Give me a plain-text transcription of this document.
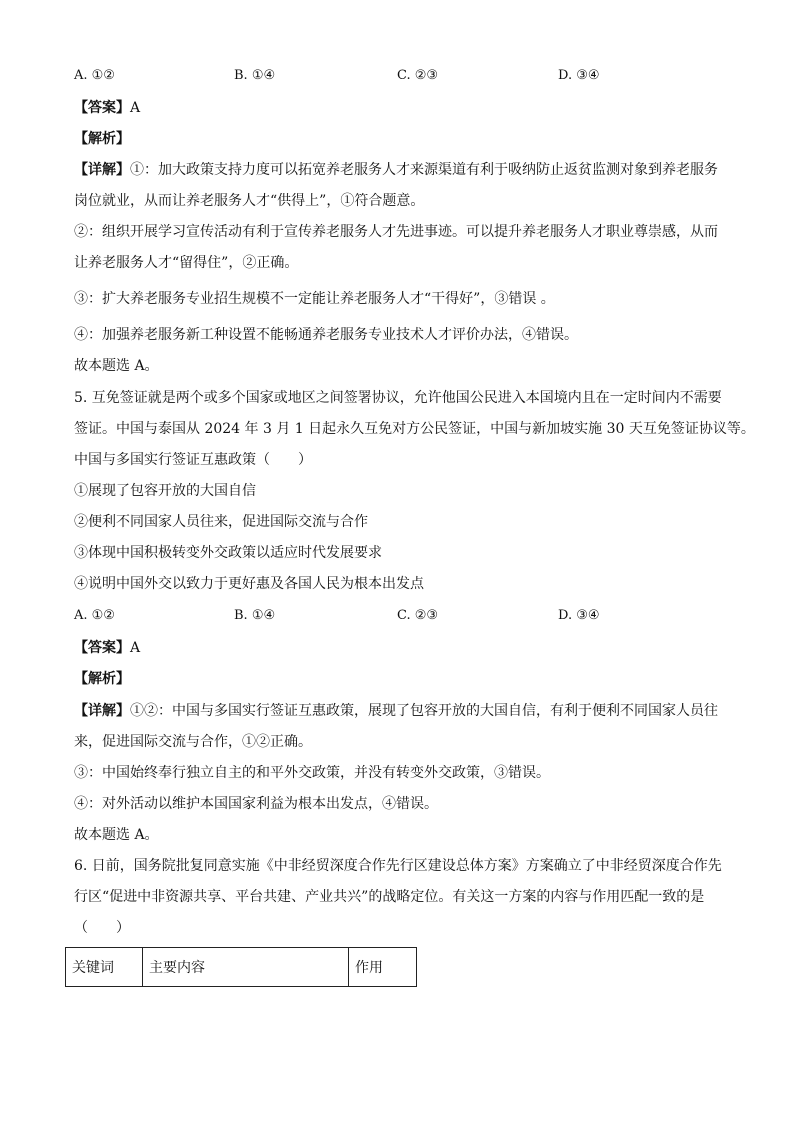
A. ①②	B. ①④	C. ②③	D. ③④
【答案】A
【解析】
【详解】①：加大政策支持力度可以拓宽养老服务人才来源渠道有利于吸纳防止返贫监测对象到养老服务
岗位就业，从而让养老服务人才“供得上”，①符合题意。
②：组织开展学习宣传活动有利于宣传养老服务人才先进事迹。可以提升养老服务人才职业尊崇感，从而
让养老服务人才“留得住”，②正确。
③：扩大养老服务专业招生规模不一定能让养老服务人才“干得好”，③错误 。
④：加强养老服务新工种设置不能畅通养老服务专业技术人才评价办法，④错误。
故本题选 A。
5. 互免签证就是两个或多个国家或地区之间签署协议，允许他国公民进入本国境内且在一定时间内不需要
签证。中国与泰国从 2024 年 3 月 1 日起永久互免对方公民签证，中国与新加坡实施 30 天互免签证协议等。
中国与多国实行签证互惠政策（　　）
①展现了包容开放的大国自信
②便利不同国家人员往来，促进国际交流与合作
③体现中国积极转变外交政策以适应时代发展要求
④说明中国外交以致力于更好惠及各国人民为根本出发点
A. ①②	B. ①④	C. ②③	D. ③④
【答案】A
【解析】
【详解】①②：中国与多国实行签证互惠政策，展现了包容开放的大国自信，有利于便利不同国家人员往
来，促进国际交流与合作，①②正确。
③：中国始终奉行独立自主的和平外交政策，并没有转变外交政策，③错误。
④：对外活动以维护本国国家利益为根本出发点，④错误。
故本题选 A。
6. 日前，国务院批复同意实施《中非经贸深度合作先行区建设总体方案》方案确立了中非经贸深度合作先
行区“促进中非资源共享、平台共建、产业共兴”的战略定位。有关这一方案的内容与作用匹配一致的是
（　　）
关键词	主要内容	作用
